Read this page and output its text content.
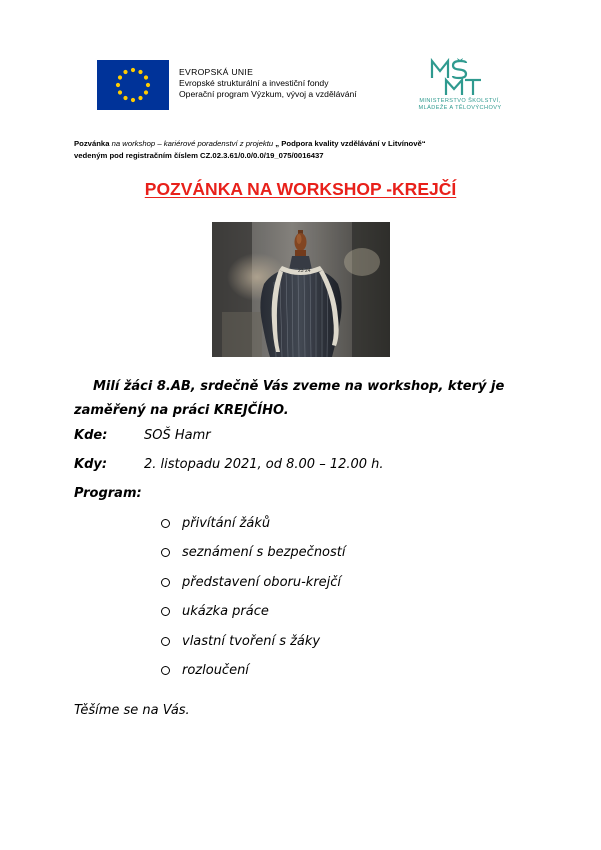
EVROPSKÁ UNIE
Evropské strukturální a investiční fondy
Operační program Výzkum, vývoj a vzdělávání
MINISTERSTVO ŠKOLSTVÍ,
MLÁDEŽE A TĚLOVÝCHOVY
Pozvánka na workshop – kariérové poradenství z projektu „ Podpora kvality vzdělávání v Litvínově“
vedeným pod registračním číslem CZ.02.3.61/0.0/0.0/19_075/0016437
POZVÁNKA NA WORKSHOP -KREJČÍ
23 24
Milí žáci 8.AB, srdečně Vás zveme na workshop, který je zaměřený na práci KREJČÍHO.
Kde:	SOŠ Hamr
Kdy:	2. listopadu 2021, od 8.00 – 12.00 h.
Program:
přivítání žáků
seznámení s bezpečností
představení oboru-krejčí
ukázka práce
vlastní tvoření s žáky
rozloučení
Těšíme se na Vás.
